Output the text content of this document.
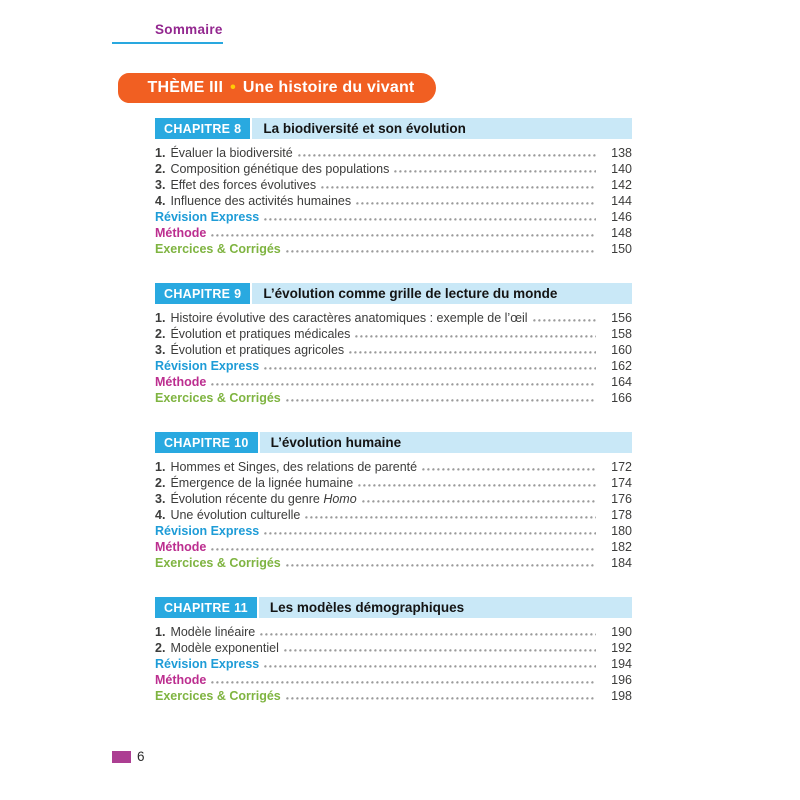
Sommaire
THÈME III • Une histoire du vivant
CHAPITRE 8	La biodiversité et son évolution
1. Évaluer la biodiversité	138
2. Composition génétique des populations	140
3. Effet des forces évolutives	142
4. Influence des activités humaines	144
Révision Express	146
Méthode	148
Exercices & Corrigés	150
CHAPITRE 9	L’évolution comme grille de lecture du monde
1. Histoire évolutive des caractères anatomiques : exemple de l’œil	156
2. Évolution et pratiques médicales	158
3. Évolution et pratiques agricoles	160
Révision Express	162
Méthode	164
Exercices & Corrigés	166
CHAPITRE 10	L’évolution humaine
1. Hommes et Singes, des relations de parenté	172
2. Émergence de la lignée humaine	174
3. Évolution récente du genre Homo	176
4. Une évolution culturelle	178
Révision Express	180
Méthode	182
Exercices & Corrigés	184
CHAPITRE 11	Les modèles démographiques
1. Modèle linéaire	190
2. Modèle exponentiel	192
Révision Express	194
Méthode	196
Exercices & Corrigés	198
6
